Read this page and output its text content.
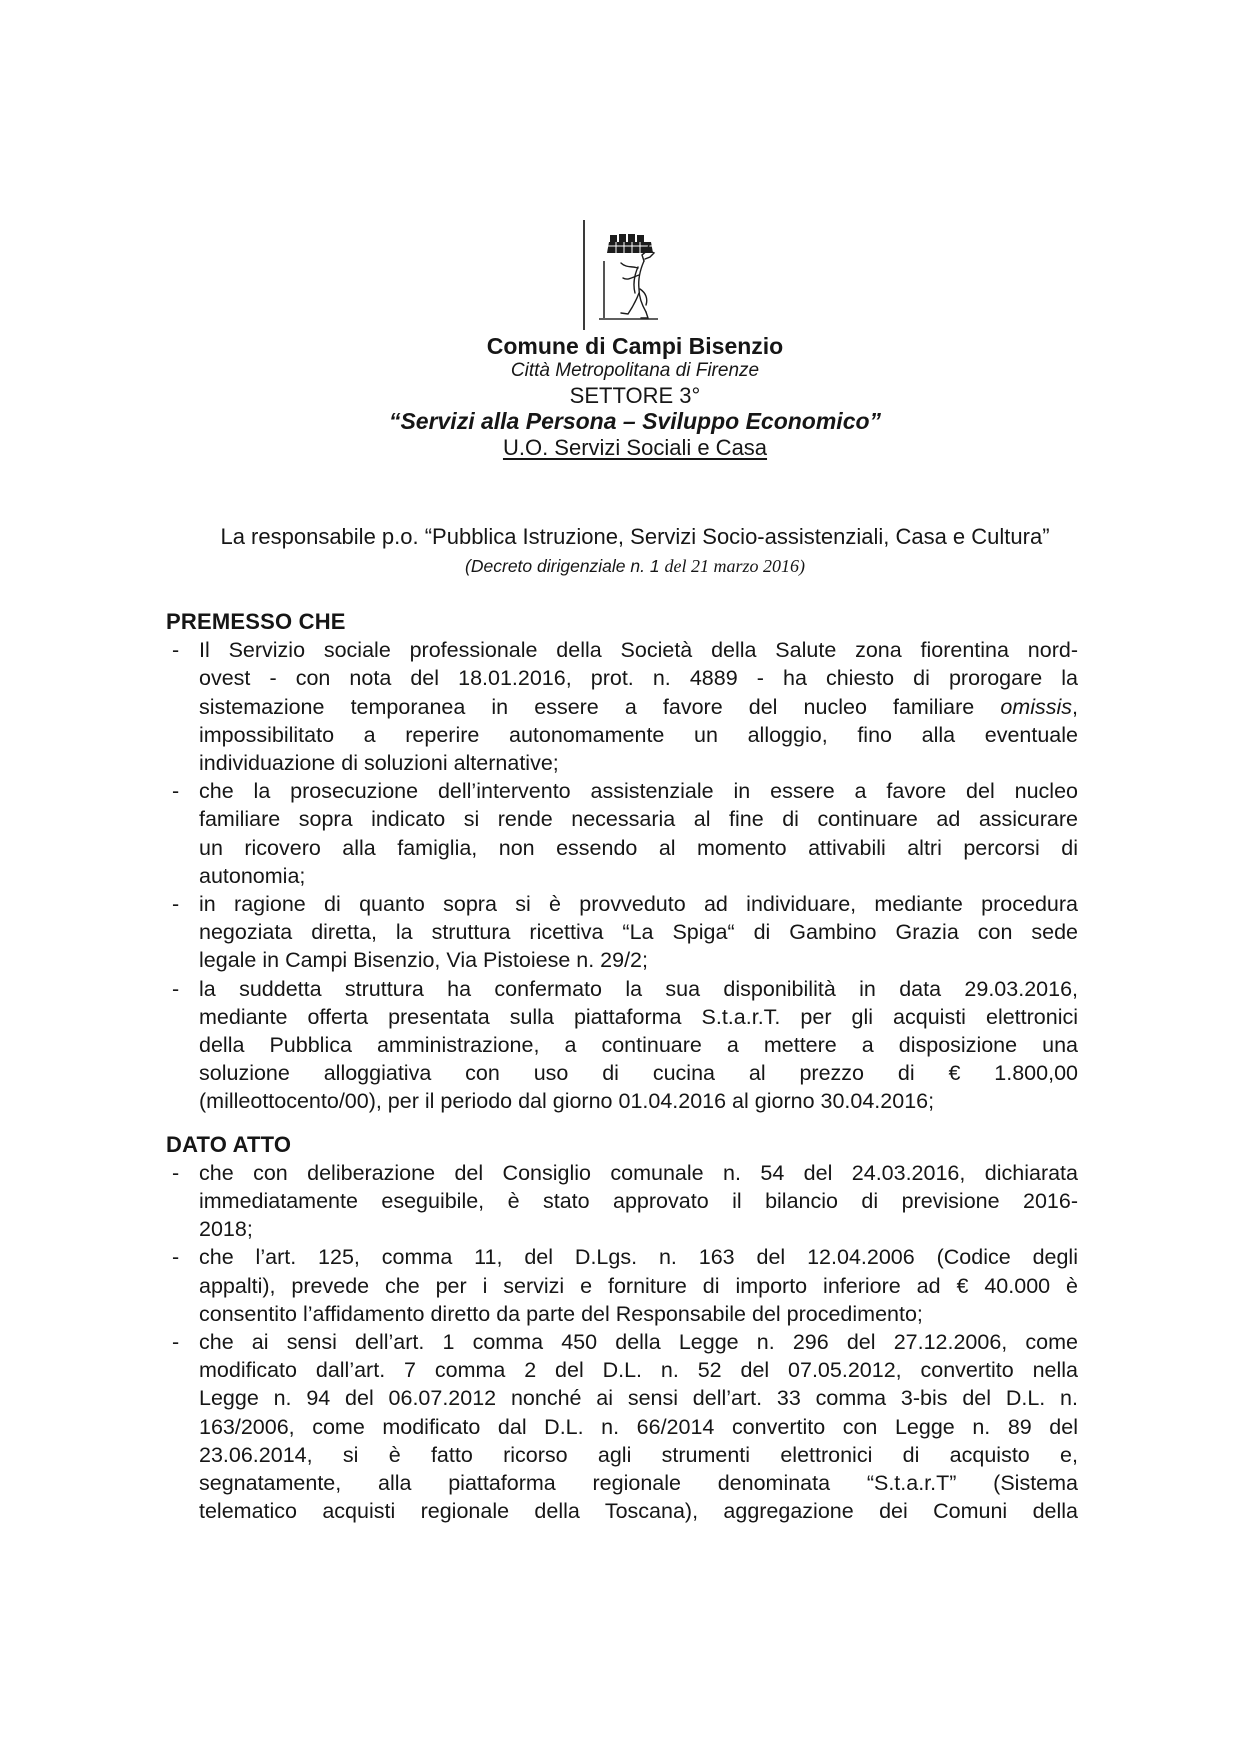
Comune di Campi Bisenzio
Città Metropolitana di Firenze
SETTORE 3°
“Servizi alla Persona – Sviluppo Economico”
U.O. Servizi Sociali e Casa
La responsabile p.o. “Pubblica Istruzione, Servizi Socio-assistenziali, Casa e Cultura”
(Decreto dirigenziale n. 1 del 21 marzo 2016)
PREMESSO CHE
- Il Servizio sociale professionale della Società della Salute zona fiorentina nord-
ovest - con nota del 18.01.2016, prot. n. 4889 - ha chiesto di prorogare la
sistemazione temporanea in essere a favore del nucleo familiare omissis,
impossibilitato a reperire autonomamente un alloggio, fino alla eventuale
individuazione di soluzioni alternative;
- che la prosecuzione dell’intervento assistenziale in essere a favore del nucleo
familiare sopra indicato si rende necessaria al fine di continuare ad assicurare
un ricovero alla famiglia, non essendo al momento attivabili altri percorsi di
autonomia;
- in ragione di quanto sopra si è provveduto ad individuare, mediante procedura
negoziata diretta, la struttura ricettiva “La Spiga“ di Gambino Grazia con sede
legale in Campi Bisenzio, Via Pistoiese n. 29/2;
- la suddetta struttura ha confermato la sua disponibilità in data 29.03.2016,
mediante offerta presentata sulla piattaforma S.t.a.r.T. per gli acquisti elettronici
della Pubblica amministrazione, a continuare a mettere a disposizione una
soluzione alloggiativa con uso di cucina al prezzo di € 1.800,00
(milleottocento/00), per il periodo dal giorno 01.04.2016 al giorno 30.04.2016;
DATO ATTO
- che con deliberazione del Consiglio comunale n. 54 del 24.03.2016, dichiarata
immediatamente eseguibile, è stato approvato il bilancio di previsione 2016-
2018;
- che l’art. 125, comma 11, del D.Lgs. n. 163 del 12.04.2006 (Codice degli
appalti), prevede che per i servizi e forniture di importo inferiore ad € 40.000 è
consentito l’affidamento diretto da parte del Responsabile del procedimento;
- che ai sensi dell’art. 1 comma 450 della Legge n. 296 del 27.12.2006, come
modificato dall’art. 7 comma 2 del D.L. n. 52 del 07.05.2012, convertito nella
Legge n. 94 del 06.07.2012 nonché ai sensi dell’art. 33 comma 3-bis del D.L. n.
163/2006, come modificato dal D.L. n. 66/2014 convertito con Legge n. 89 del
23.06.2014, si è fatto ricorso agli strumenti elettronici di acquisto e,
segnatamente, alla piattaforma regionale denominata “S.t.a.r.T” (Sistema
telematico acquisti regionale della Toscana), aggregazione dei Comuni della
